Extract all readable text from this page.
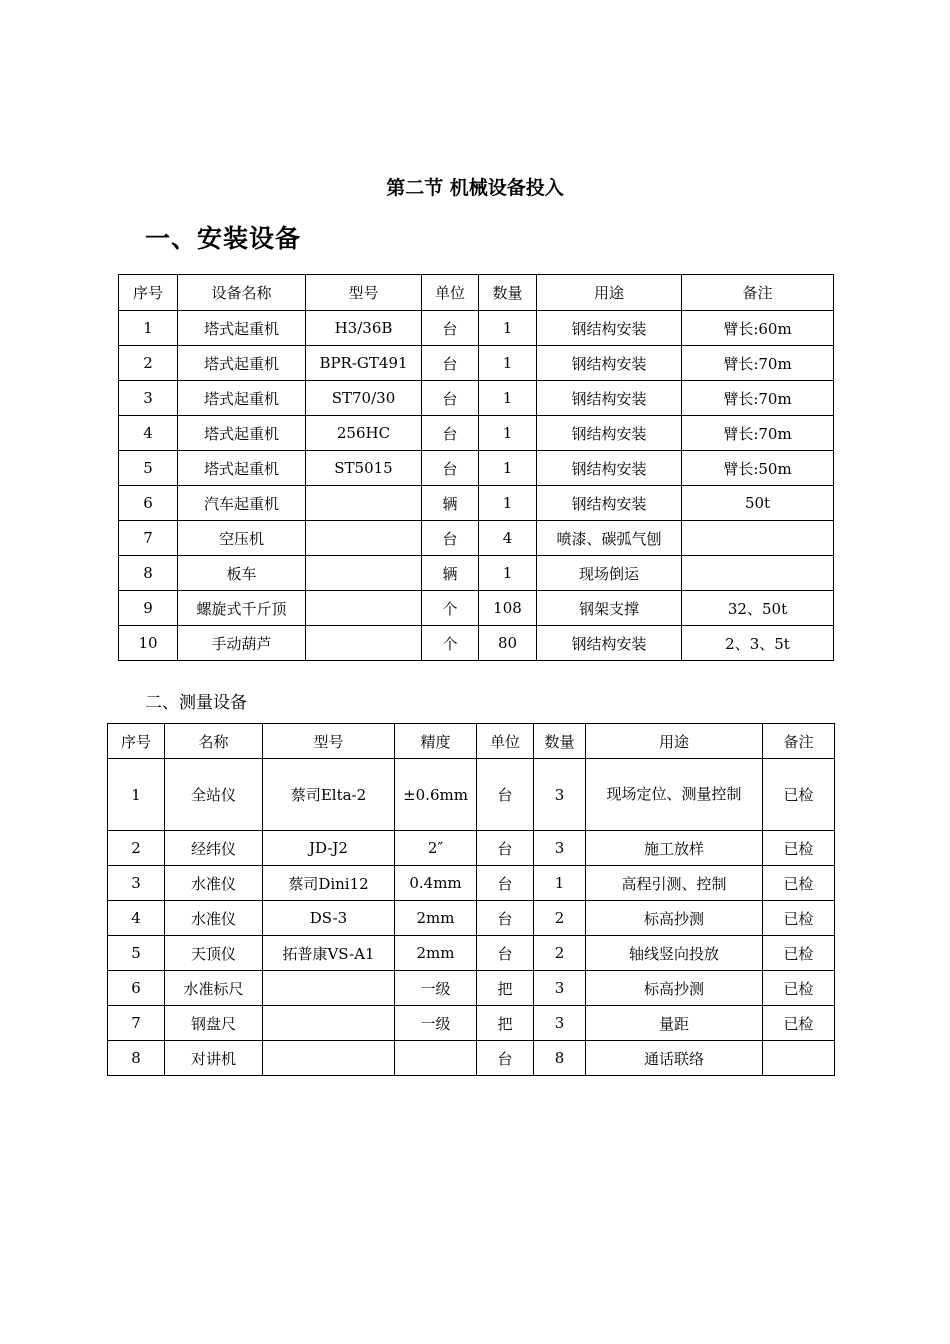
第二节 机械设备投入
一、安装设备
序号	设备名称	型号	单位	数量	用途	备注
1	塔式起重机	H3/36B	台	1	钢结构安装	臂长:60m
2	塔式起重机	BPR-GT491	台	1	钢结构安装	臂长:70m
3	塔式起重机	ST70/30	台	1	钢结构安装	臂长:70m
4	塔式起重机	256HC	台	1	钢结构安装	臂长:70m
5	塔式起重机	ST5015	台	1	钢结构安装	臂长:50m
6	汽车起重机		辆	1	钢结构安装	50t
7	空压机		台	4	喷漆、碳弧气刨	
8	板车		辆	1	现场倒运	
9	螺旋式千斤顶		个	108	钢架支撑	32、50t
10	手动葫芦		个	80	钢结构安装	2、3、5t
二、测量设备
序号	名称	型号	精度	单位	数量	用途	备注
1	全站仪	蔡司Elta-2	±0.6mm	台	3	现场定位、测量控制	已检
2	经纬仪	JD-J2	2″	台	3	施工放样	已检
3	水准仪	蔡司Dini12	0.4mm	台	1	高程引测、控制	已检
4	水准仪	DS-3	2mm	台	2	标高抄测	已检
5	天顶仪	拓普康VS-A1	2mm	台	2	轴线竖向投放	已检
6	水准标尺		一级	把	3	标高抄测	已检
7	钢盘尺		一级	把	3	量距	已检
8	对讲机			台	8	通话联络	
